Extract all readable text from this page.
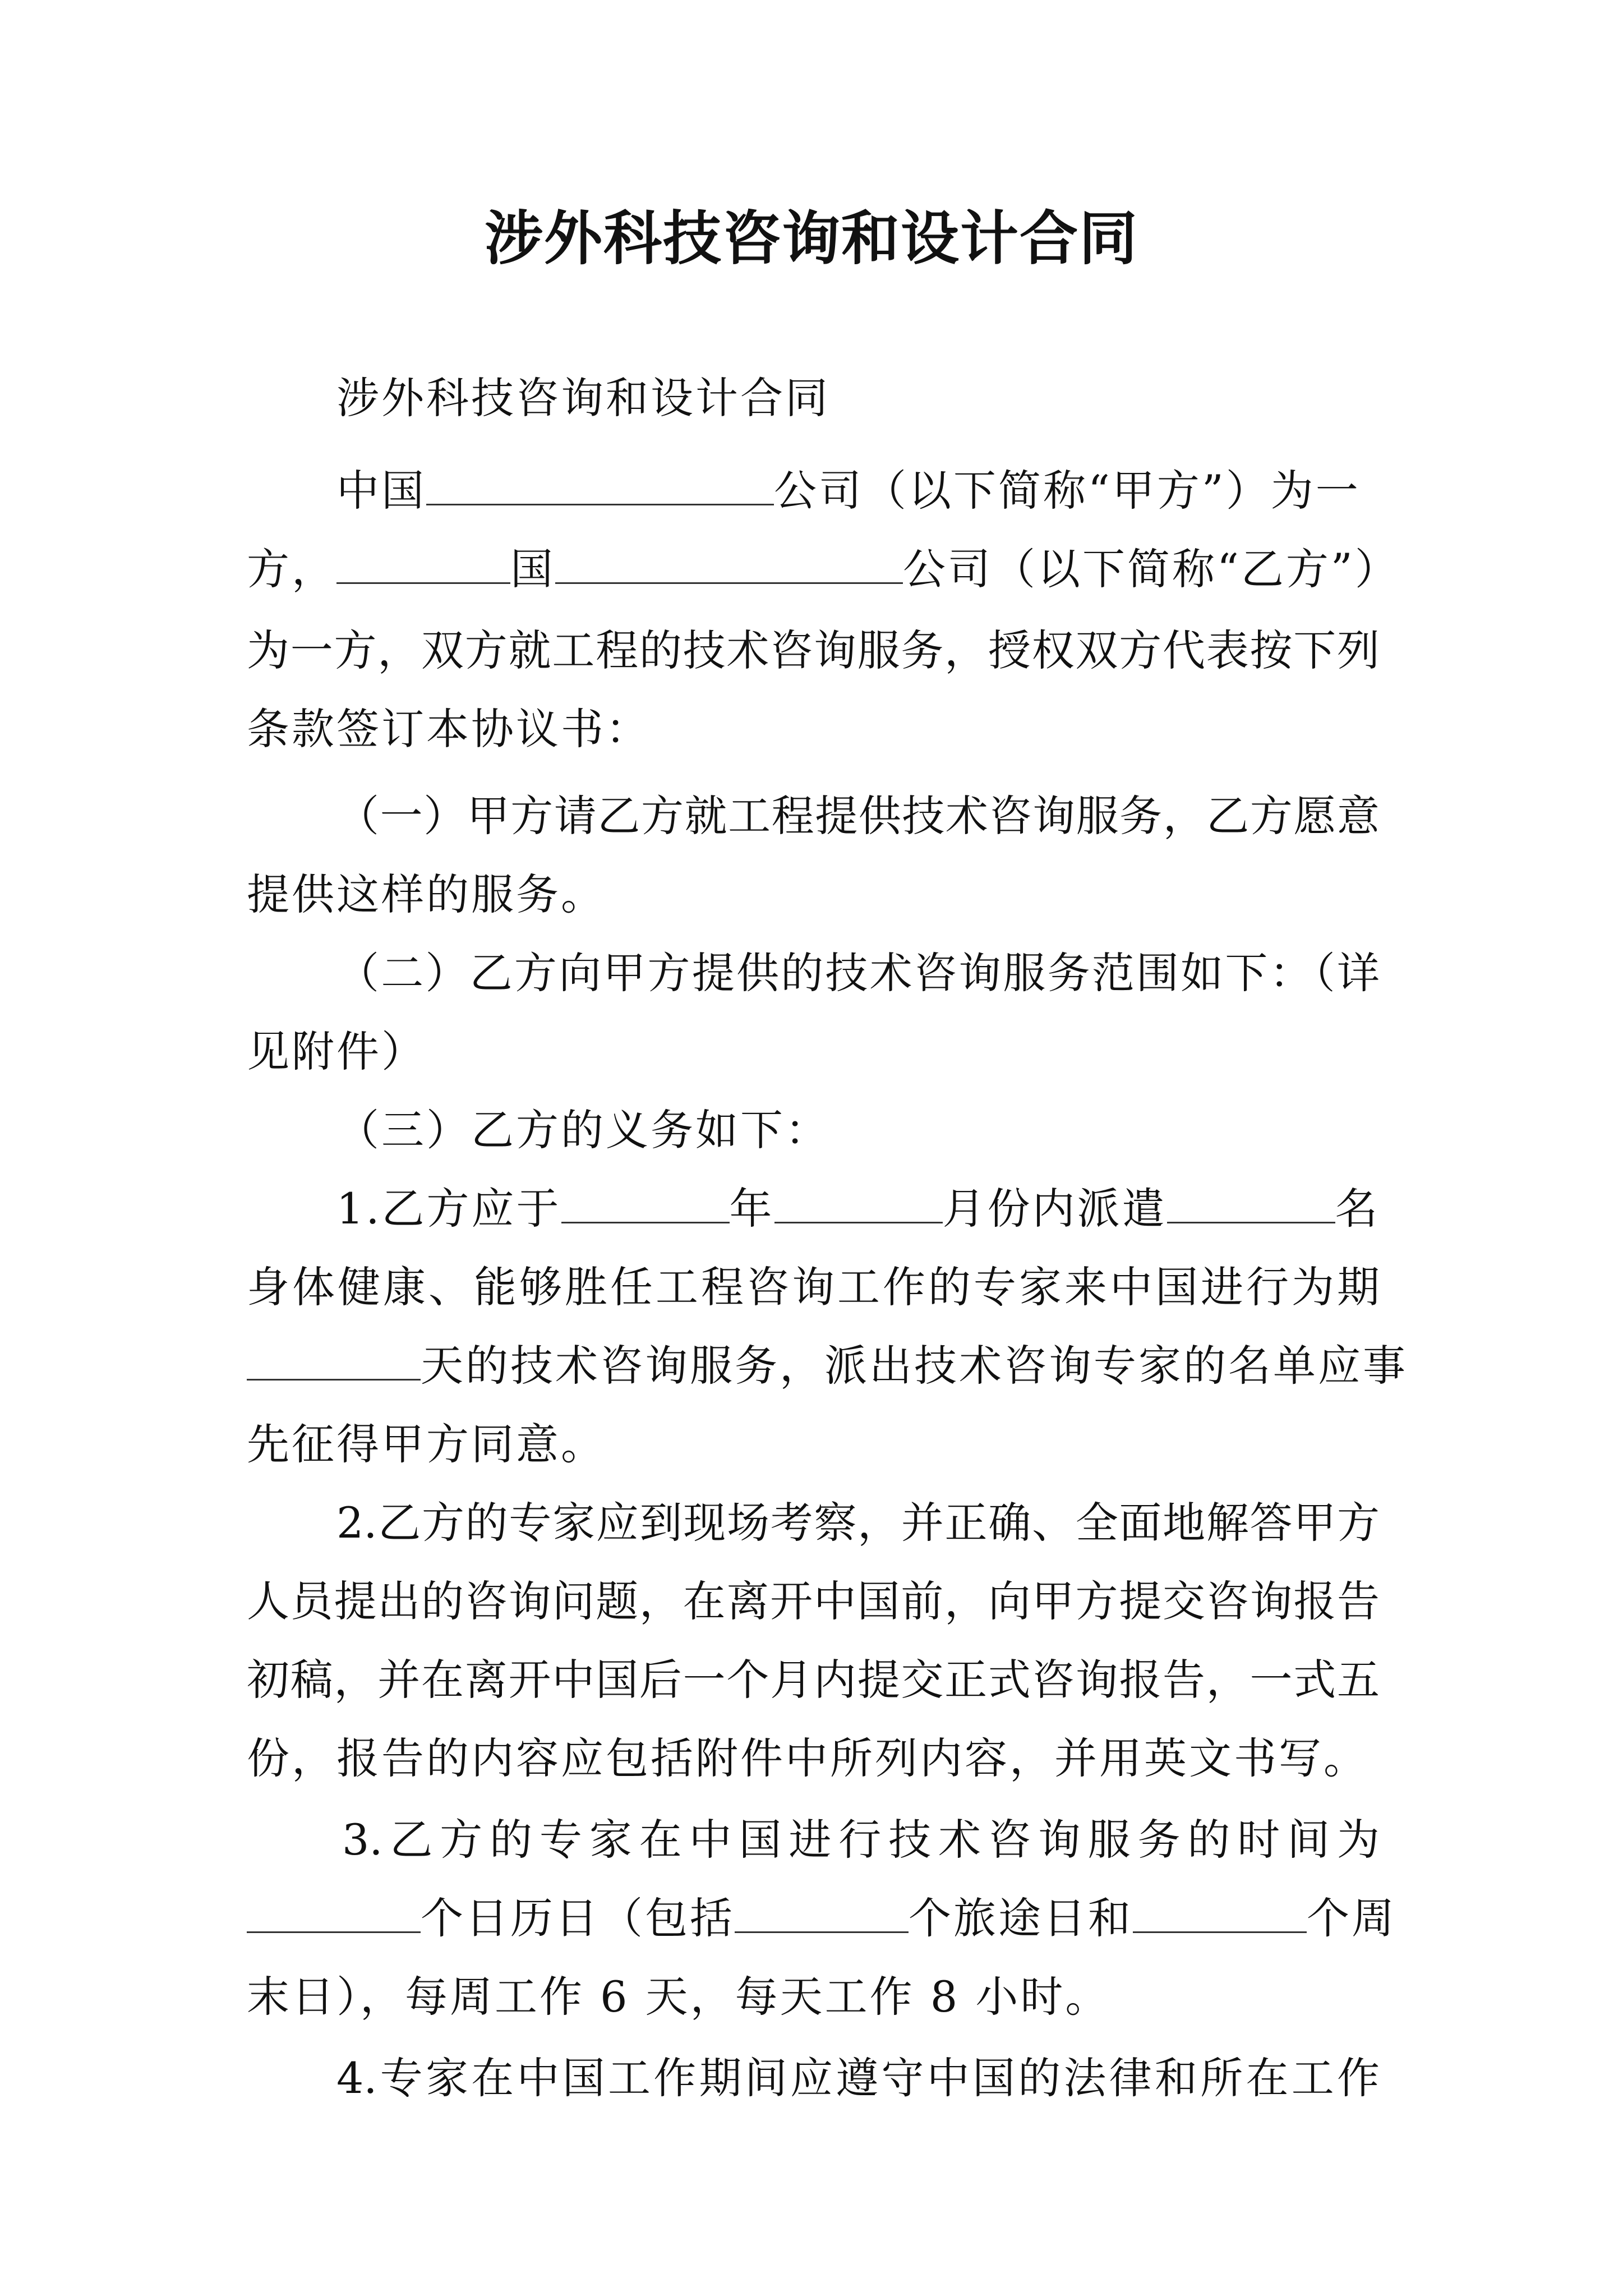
涉外科技咨询和设计合同
涉外科技咨询和设计合同
中国	公司（以下简称“甲方”）为一
方，	国	公司（以下简称“乙方”）
为一方，双方就工程的技术咨询服务，授权双方代表按下列
条款签订本协议书：
（一）甲方请乙方就工程提供技术咨询服务，乙方愿意
提供这样的服务。
（二）乙方向甲方提供的技术咨询服务范围如下：（详
见附件）
（三）乙方的义务如下：
1.乙方应于	年	月份内派遣	名
身体健康、能够胜任工程咨询工作的专家来中国进行为期
天的技术咨询服务，派出技术咨询专家的名单应事
先征得甲方同意。
2.乙方的专家应到现场考察，并正确、全面地解答甲方
人员提出的咨询问题，在离开中国前，向甲方提交咨询报告
初稿，并在离开中国后一个月内提交正式咨询报告，一式五
份，报告的内容应包括附件中所列内容，并用英文书写。
3.乙方的专家在中国进行技术咨询服务的时间为
个日历日（包括	个旅途日和	个周
末日），每周工作 6 天，每天工作 8 小时。
4.专家在中国工作期间应遵守中国的法律和所在工作
